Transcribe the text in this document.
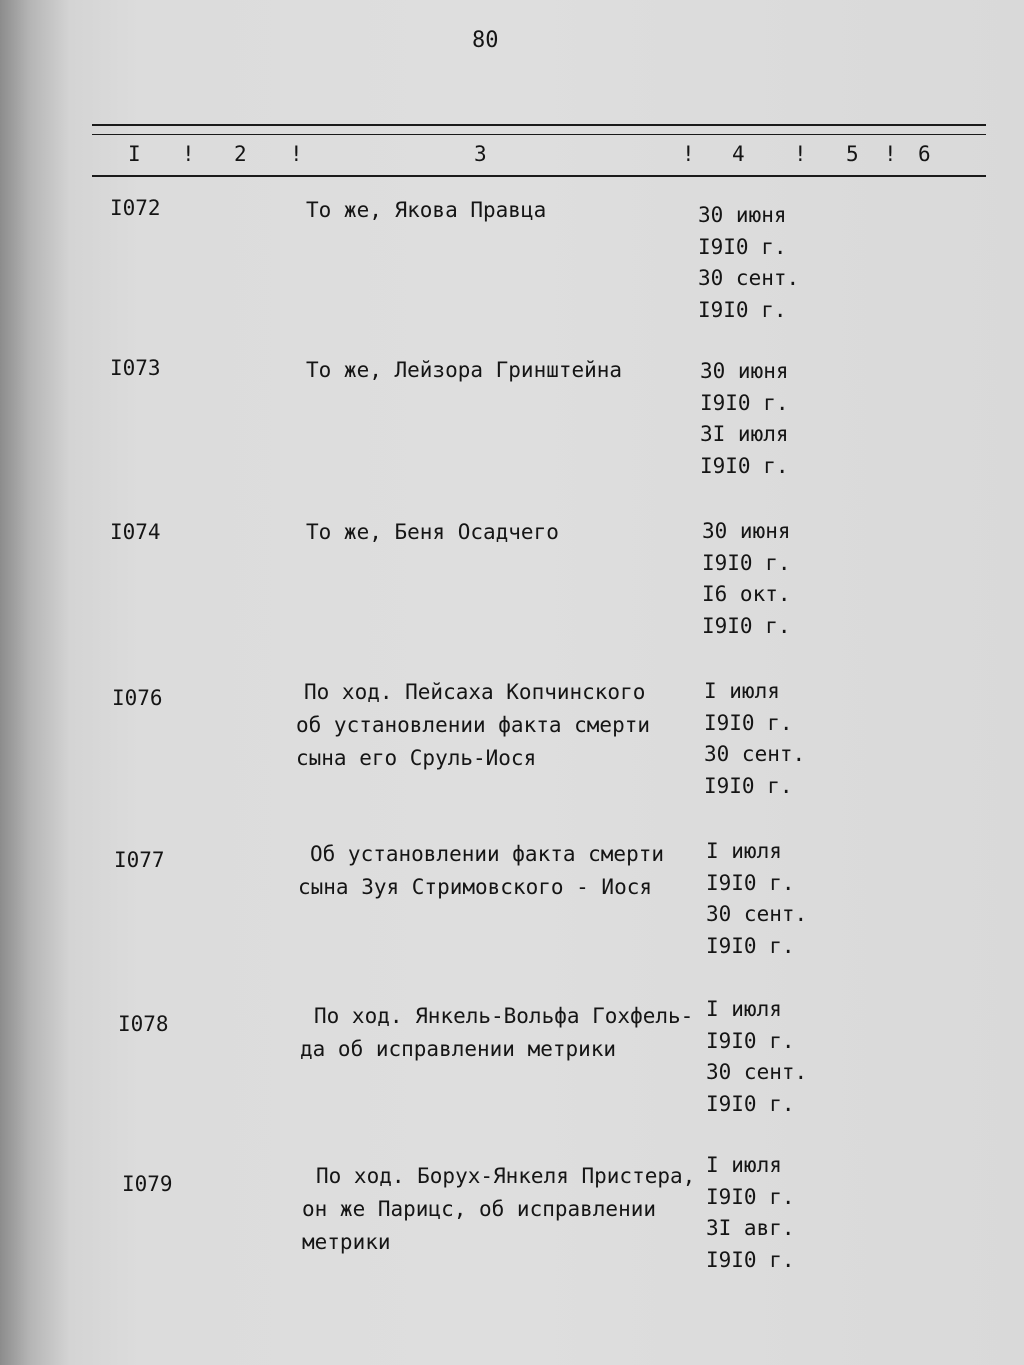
80
I ! 2 !	3	! 4 ! 5 ! 6
I072	То же, Якова Правца	30 июня
I9I0 г.
30 сент.
I9I0 г.
I073	То же, Лейзора Гринштейна	30 июня
I9I0 г.
3I июля
I9I0 г.
I074	То же, Беня Осадчего	30 июня
I9I0 г.
I6 окт.
I9I0 г.
I076	По ход. Пейсаха Копчинского
об установлении факта смерти
сына его Сруль-Иося
I июля
I9I0 г.
30 сент.
I9I0 г.
I077	Об установлении факта смерти
сына Зуя Стримовского - Иося
I июля
I9I0 г.
30 сент.
I9I0 г.
I078	По ход. Янкель-Вольфа Гохфель-
да об исправлении метрики
I июля
I9I0 г.
30 сент.
I9I0 г.
I079	По ход. Борух-Янкеля Пристера,
он же Парицс, об исправлении
метрики
I июля
I9I0 г.
3I авг.
I9I0 г.
